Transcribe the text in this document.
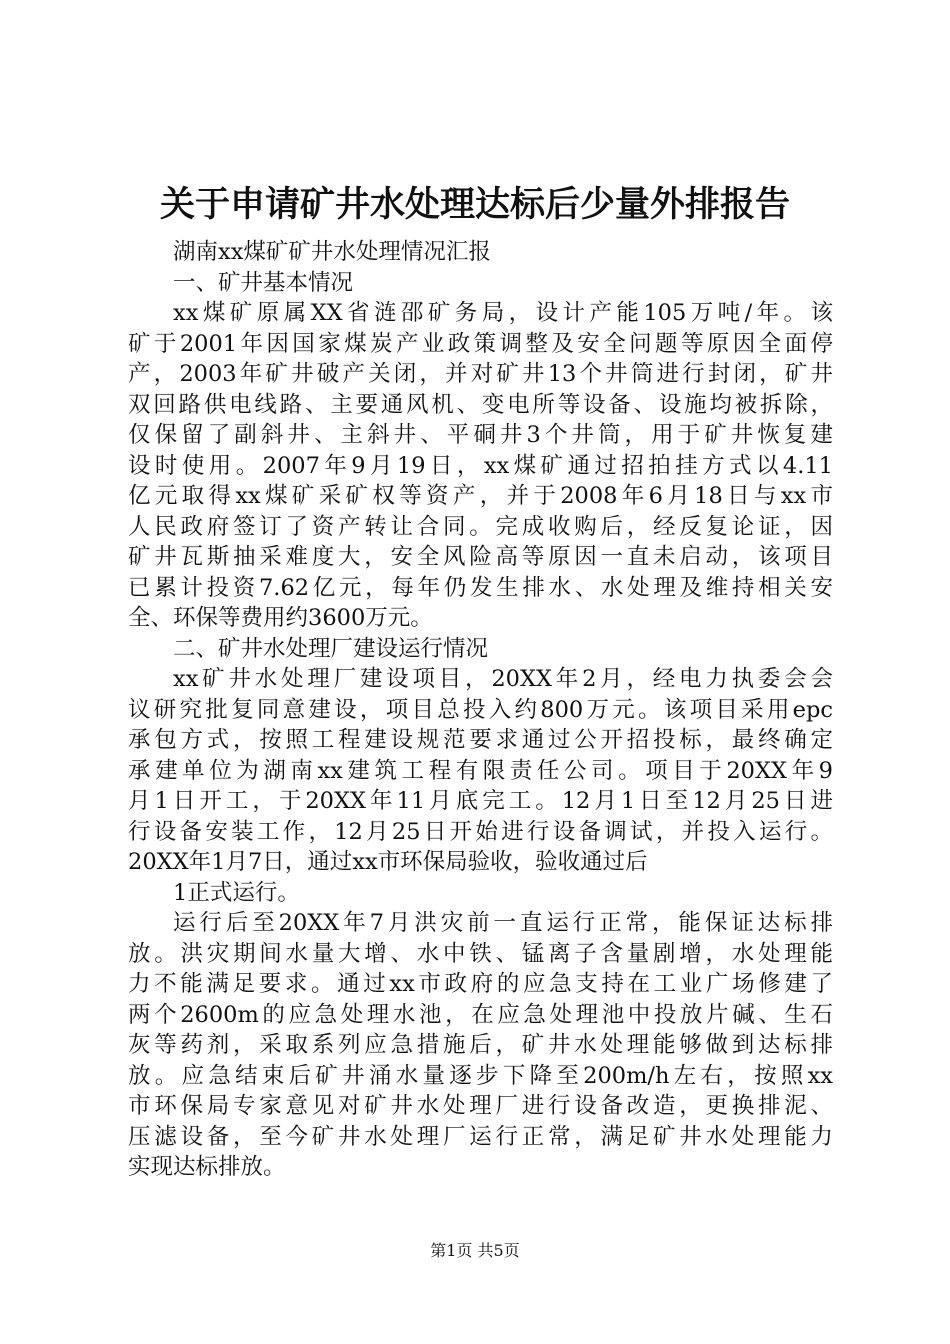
关于申请矿井水处理达标后少量外排报告
湖南xx煤矿矿井水处理情况汇报
一、矿井基本情况
xx煤矿原属XX省涟邵矿务局，设计产能105万吨/年。该
矿于2001年因国家煤炭产业政策调整及安全问题等原因全面停
产，2003年矿井破产关闭，并对矿井13个井筒进行封闭，矿井
双回路供电线路、主要通风机、变电所等设备、设施均被拆除，
仅保留了副斜井、主斜井、平硐井3个井筒，用于矿井恢复建
设时使用。2007年9月19日，xx煤矿通过招拍挂方式以4.11
亿元取得xx煤矿采矿权等资产，并于2008年6月18日与xx市
人民政府签订了资产转让合同。完成收购后，经反复论证，因
矿井瓦斯抽采难度大，安全风险高等原因一直未启动，该项目
已累计投资7.62亿元，每年仍发生排水、水处理及维持相关安
全、环保等费用约3600万元。
二、矿井水处理厂建设运行情况
xx矿井水处理厂建设项目，20XX年2月，经电力执委会会
议研究批复同意建设，项目总投入约800万元。该项目采用epc
承包方式，按照工程建设规范要求通过公开招投标，最终确定
承建单位为湖南xx建筑工程有限责任公司。项目于20XX年9
月1日开工，于20XX年11月底完工。12月1日至12月25日进
行设备安装工作，12月25日开始进行设备调试，并投入运行。
20XX年1月7日，通过xx市环保局验收，验收通过后
1正式运行。
运行后至20XX年7月洪灾前一直运行正常，能保证达标排
放。洪灾期间水量大增、水中铁、锰离子含量剧增，水处理能
力不能满足要求。通过xx市政府的应急支持在工业广场修建了
两个2600m的应急处理水池，在应急处理池中投放片碱、生石
灰等药剂，采取系列应急措施后，矿井水处理能够做到达标排
放。应急结束后矿井涌水量逐步下降至200m/h左右，按照xx
市环保局专家意见对矿井水处理厂进行设备改造，更换排泥、
压滤设备，至今矿井水处理厂运行正常，满足矿井水处理能力
实现达标排放。
第1页 共5页
